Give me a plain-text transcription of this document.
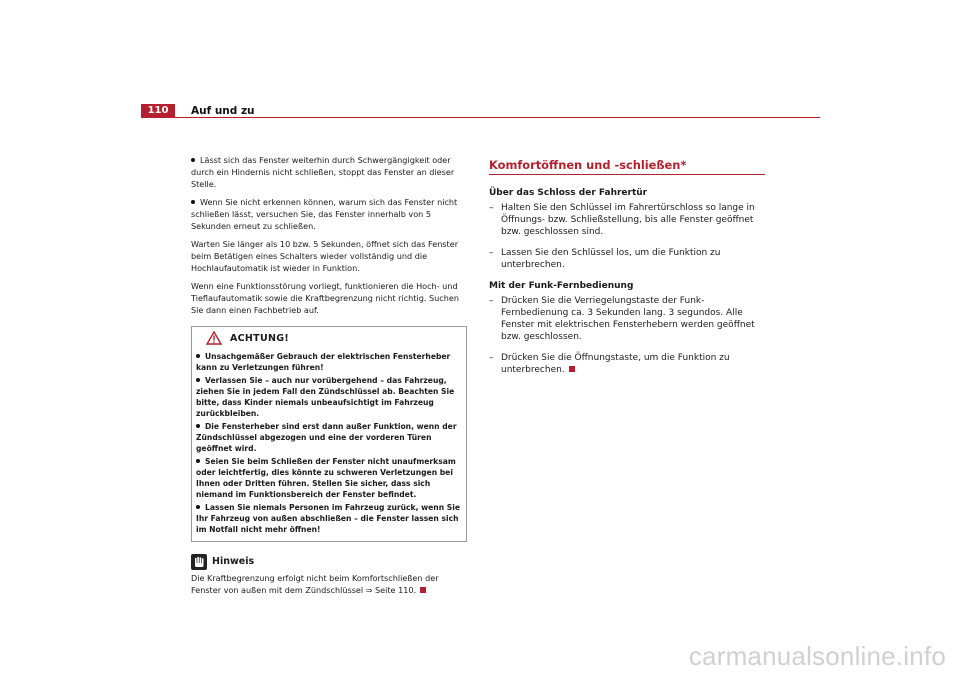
110	Auf und zu

Lässt sich das Fenster weiterhin durch Schwergängigkeit oder durch ein Hindernis nicht schließen, stoppt das Fenster an dieser Stelle.

Wenn Sie nicht erkennen können, warum sich das Fenster nicht schließen lässt, versuchen Sie, das Fenster innerhalb von 5 Sekunden erneut zu schließen.

Warten Sie länger als 10 bzw. 5 Sekunden, öffnet sich das Fenster beim Betätigen eines Schalters wieder vollständig und die Hochlaufautomatik ist wieder in Funktion.

Wenn eine Funktionsstörung vorliegt, funktionieren die Hoch- und Tieflaufautomatik sowie die Kraftbegrenzung nicht richtig. Suchen Sie dann einen Fachbetrieb auf.

ACHTUNG!

Unsachgemäßer Gebrauch der elektrischen Fensterheber kann zu Verletzungen führen!

Verlassen Sie – auch nur vorübergehend – das Fahrzeug, ziehen Sie in jedem Fall den Zündschlüssel ab. Beachten Sie bitte, dass Kinder niemals unbeaufsichtigt im Fahrzeug zurückbleiben.

Die Fensterheber sind erst dann außer Funktion, wenn der Zündschlüssel abgezogen und eine der vorderen Türen geöffnet wird.

Seien Sie beim Schließen der Fenster nicht unaufmerksam oder leichtfertig, dies könnte zu schweren Verletzungen bei Ihnen oder Dritten führen. Stellen Sie sicher, dass sich niemand im Funktionsbereich der Fenster befindet.

Lassen Sie niemals Personen im Fahrzeug zurück, wenn Sie Ihr Fahrzeug von außen abschließen – die Fenster lassen sich im Notfall nicht mehr öffnen!

Hinweis

Die Kraftbegrenzung erfolgt nicht beim Komfortschließen der Fenster von außen mit dem Zündschlüssel ⇒ Seite 110.

Komfortöffnen und -schließen*
Über das Schloss der Fahrertür

– Halten Sie den Schlüssel im Fahrertürschloss so lange in Öffnungs- bzw. Schließstellung, bis alle Fenster geöffnet bzw. geschlossen sind.

– Lassen Sie den Schlüssel los, um die Funktion zu unterbrechen.

Mit der Funk-Fernbedienung

– Drücken Sie die Verriegelungstaste der Funk-Fernbedienung ca. 3 Sekunden lang. 3 segundos. Alle Fenster mit elektrischen Fensterhebern werden geöffnet bzw. geschlossen.

– Drücken Sie die Öffnungstaste, um die Funktion zu unterbrechen.

carmanualsonline.info
